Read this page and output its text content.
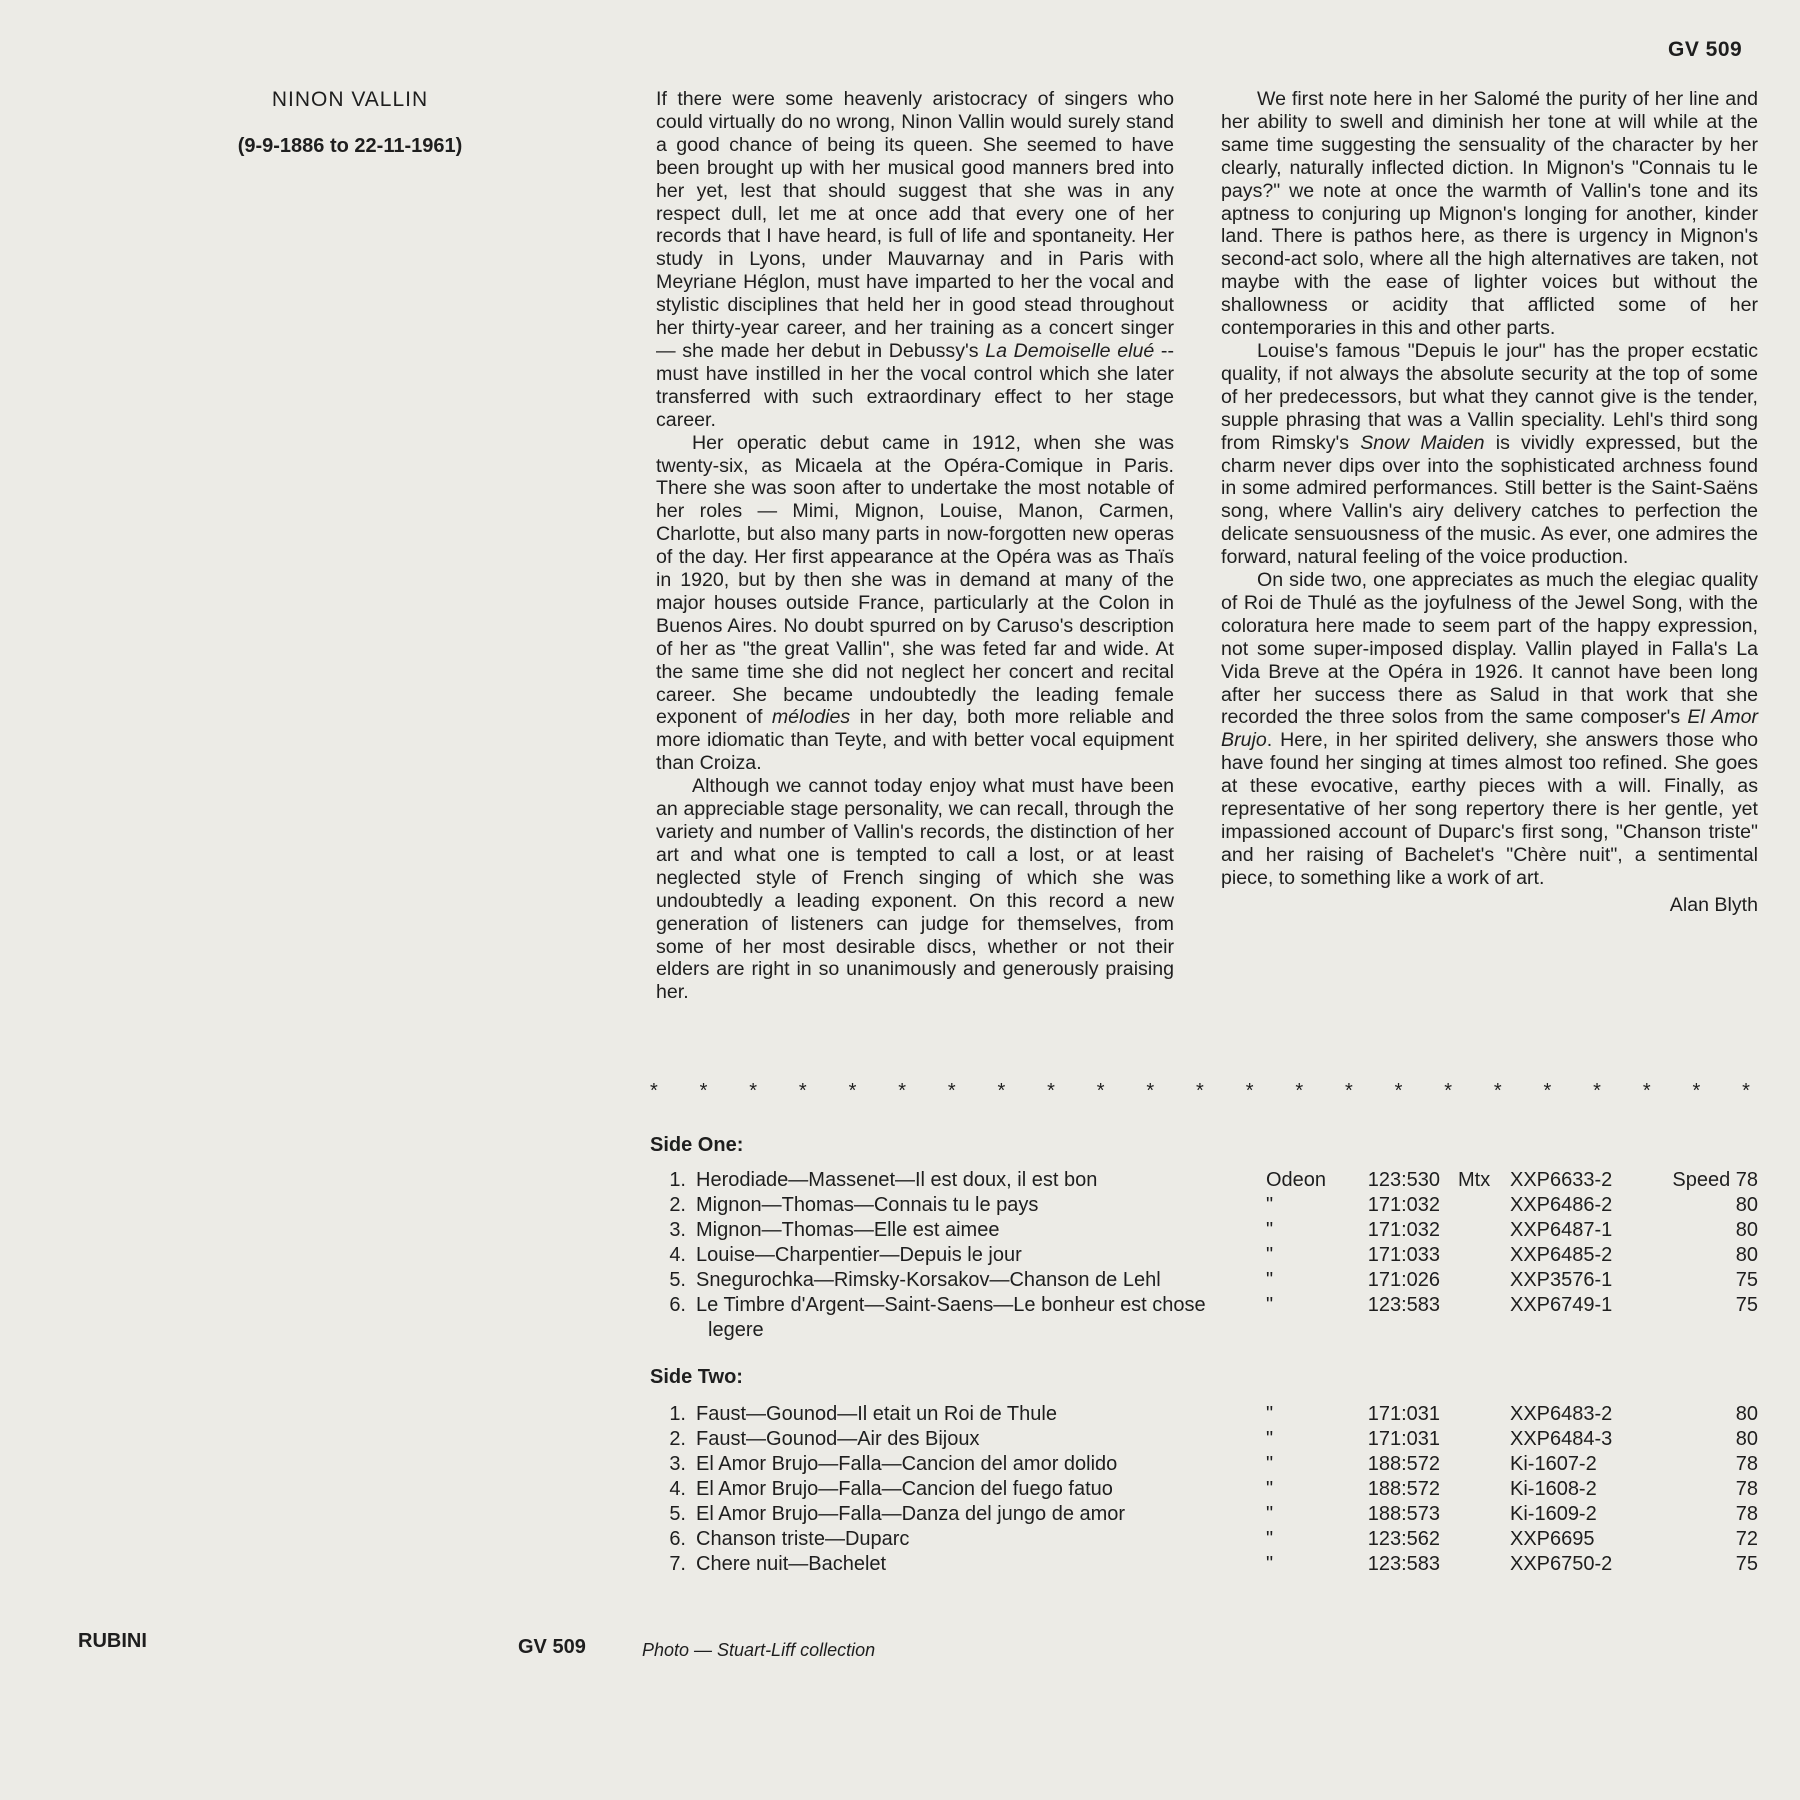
GV 509
NINON VALLIN
(9-9-1886 to 22-11-1961)

If there were some heavenly aristocracy of singers who could virtually do no wrong, Ninon Vallin would surely stand a good chance of being its queen. She seemed to have been brought up with her musical good manners bred into her yet, lest that should suggest that she was in any respect dull, let me at once add that every one of her records that I have heard, is full of life and spontaneity. Her study in Lyons, under Mauvarnay and in Paris with Meyriane Héglon, must have imparted to her the vocal and stylistic disciplines that held her in good stead throughout her thirty-year career, and her training as a concert singer — she made her debut in Debussy's La Demoiselle elué -- must have instilled in her the vocal control which she later transferred with such extraordinary effect to her stage career.

Her operatic debut came in 1912, when she was twenty-six, as Micaela at the Opéra-Comique in Paris. There she was soon after to undertake the most notable of her roles — Mimi, Mignon, Louise, Manon, Carmen, Charlotte, but also many parts in now-forgotten new operas of the day. Her first appearance at the Opéra was as Thaïs in 1920, but by then she was in demand at many of the major houses outside France, particularly at the Colon in Buenos Aires. No doubt spurred on by Caruso's description of her as "the great Vallin", she was feted far and wide. At the same time she did not neglect her concert and recital career. She became undoubtedly the leading female exponent of mélodies in her day, both more reliable and more idiomatic than Teyte, and with better vocal equipment than Croiza.

Although we cannot today enjoy what must have been an appreciable stage personality, we can recall, through the variety and number of Vallin's records, the distinction of her art and what one is tempted to call a lost, or at least neglected style of French singing of which she was undoubtedly a leading exponent. On this record a new generation of listeners can judge for themselves, from some of her most desirable discs, whether or not their elders are right in so unanimously and generously praising her.

We first note here in her Salomé the purity of her line and her ability to swell and diminish her tone at will while at the same time suggesting the sensuality of the character by her clearly, naturally inflected diction. In Mignon's "Connais tu le pays?" we note at once the warmth of Vallin's tone and its aptness to conjuring up Mignon's longing for another, kinder land. There is pathos here, as there is urgency in Mignon's second-act solo, where all the high alternatives are taken, not maybe with the ease of lighter voices but without the shallowness or acidity that afflicted some of her contemporaries in this and other parts.

Louise's famous "Depuis le jour" has the proper ecstatic quality, if not always the absolute security at the top of some of her predecessors, but what they cannot give is the tender, supple phrasing that was a Vallin speciality. Lehl's third song from Rimsky's Snow Maiden is vividly expressed, but the charm never dips over into the sophisticated archness found in some admired performances. Still better is the Saint-Saëns song, where Vallin's airy delivery catches to perfection the delicate sensuousness of the music. As ever, one admires the forward, natural feeling of the voice production.

On side two, one appreciates as much the elegiac quality of Roi de Thulé as the joyfulness of the Jewel Song, with the coloratura here made to seem part of the happy expression, not some super-imposed display. Vallin played in Falla's La Vida Breve at the Opéra in 1926. It cannot have been long after her success there as Salud in that work that she recorded the three solos from the same composer's El Amor Brujo. Here, in her spirited delivery, she answers those who have found her singing at times almost too refined. She goes at these evocative, earthy pieces with a will. Finally, as representative of her song repertory there is her gentle, yet impassioned account of Duparc's first song, "Chanson triste" and her raising of Bachelet's "Chère nuit", a sentimental piece, to something like a work of art.

Alan Blyth
* * * * * * * * * * * * * * * * * * * * * * *
Side One:
1. Herodiade—Massenet—Il est doux, il est bon	Odeon	123:530 Mtx XXP6633-2	Speed 78
2. Mignon—Thomas—Connais tu le pays	"	171:032	XXP6486-2	80
3. Mignon—Thomas—Elle est aimee	"	171:032	XXP6487-1	80
4. Louise—Charpentier—Depuis le jour	"	171:033	XXP6485-2	80
5. Snegurochka—Rimsky-Korsakov—Chanson de Lehl	"	171:026	XXP3576-1	75
6. Le Timbre d'Argent—Saint-Saens—Le bonheur est chose
legere
"	123:583	XXP6749-1	75
Side Two:
1. Faust—Gounod—Il etait un Roi de Thule	"	171:031	XXP6483-2	80
2. Faust—Gounod—Air des Bijoux	"	171:031	XXP6484-3	80
3. El Amor Brujo—Falla—Cancion del amor dolido	"	188:572	Ki-1607-2	78
4. El Amor Brujo—Falla—Cancion del fuego fatuo	"	188:572	Ki-1608-2	78
5. El Amor Brujo—Falla—Danza del jungo de amor	"	188:573	Ki-1609-2	78
6. Chanson triste—Duparc	"	123:562	XXP6695	72
7. Chere nuit—Bachelet	"	123:583	XXP6750-2	75
RUBINI	GV 509	Photo — Stuart-Liff collection
